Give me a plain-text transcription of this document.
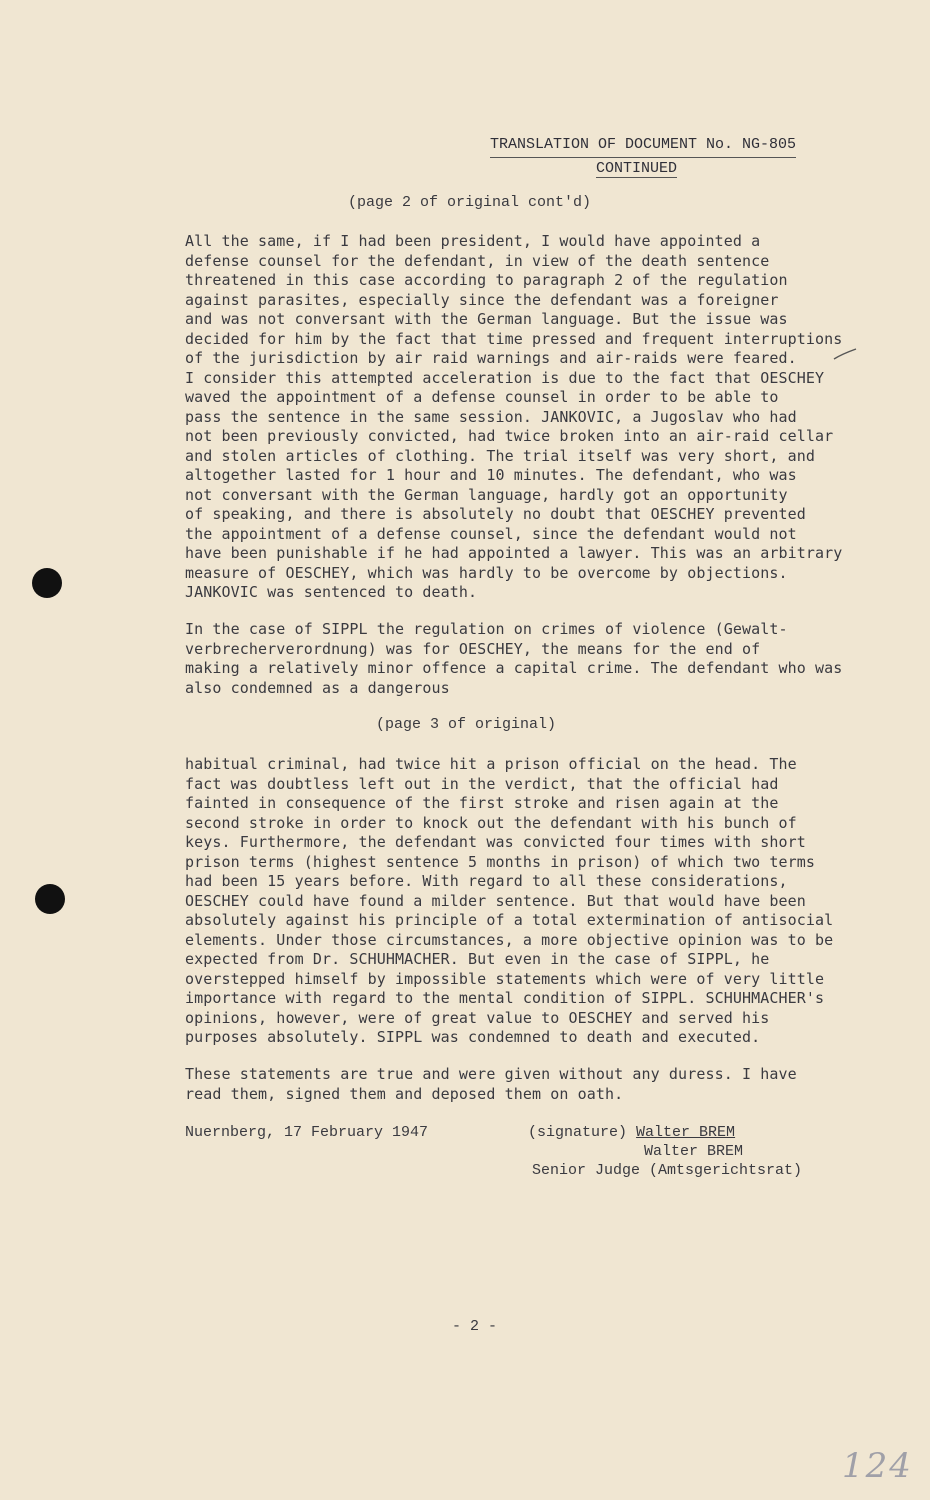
TRANSLATION OF DOCUMENT No. NG-805
CONTINUED
(page 2 of original cont'd)
All the same, if I had been president, I would have appointed a
defense counsel for the defendant, in view of the death sentence
threatened in this case according to paragraph 2 of the regulation
against parasites, especially since the defendant was a foreigner
and was not conversant with the German language. But the issue was
decided for him by the fact that time pressed and frequent interruptions
of the jurisdiction by air raid warnings and air-raids were feared.
I consider this attempted acceleration is due to the fact that OESCHEY
waved the appointment of a defense counsel in order to be able to
pass the sentence in the same session. JANKOVIC, a Jugoslav who had
not been previously convicted, had twice broken into an air-raid cellar
and stolen articles of clothing. The trial itself was very short, and
altogether lasted for 1 hour and 10 minutes. The defendant, who was
not conversant with the German language, hardly got an opportunity
of speaking, and there is absolutely no doubt that OESCHEY prevented
the appointment of a defense counsel, since the defendant would not
have been punishable if he had appointed a lawyer. This was an arbitrary
measure of OESCHEY, which was hardly to be overcome by objections.
JANKOVIC was sentenced to death.
In the case of SIPPL the regulation on crimes of violence (Gewalt-
verbrecherverordnung) was for OESCHEY, the means for the end of
making a relatively minor offence a capital crime. The defendant who was
also condemned as a dangerous
(page 3 of original)
habitual criminal, had twice hit a prison official on the head. The
fact was doubtless left out in the verdict, that the official had
fainted in consequence of the first stroke and risen again at the
second stroke in order to knock out the defendant with his bunch of
keys. Furthermore, the defendant was convicted four times with short
prison terms (highest sentence 5 months in prison) of which two terms
had been 15 years before. With regard to all these considerations,
OESCHEY could have found a milder sentence. But that would have been
absolutely against his principle of a total extermination of antisocial
elements. Under those circumstances, a more objective opinion was to be
expected from Dr. SCHUHMACHER. But even in the case of SIPPL, he
overstepped himself by impossible statements which were of very little
importance with regard to the mental condition of SIPPL. SCHUHMACHER's
opinions, however, were of great value to OESCHEY and served his
purposes absolutely. SIPPL was condemned to death and executed.
These statements are true and were given without any duress. I have
read them, signed them and deposed them on oath.
Nuernberg, 17 February 1947	(signature) Walter BREM
Walter BREM
Senior Judge (Amtsgerichtsrat)
- 2 -
124
